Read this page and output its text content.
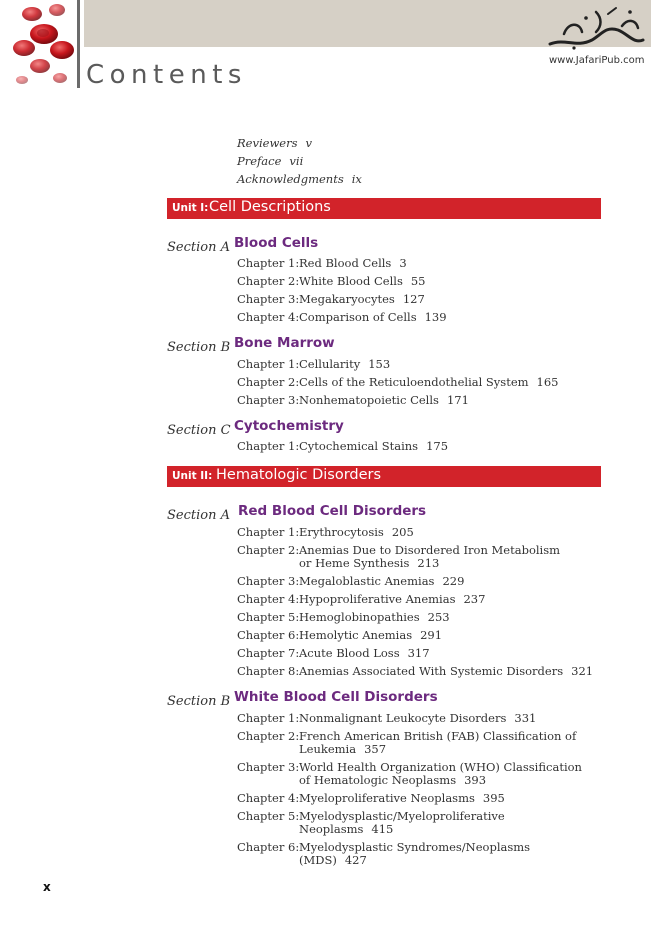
Contents	www.JafariPub.com
Reviewers v
Preface vii
Acknowledgments ix
Unit I: Cell Descriptions
Section A Blood Cells
Chapter 1: Red Blood Cells 3
Chapter 2: White Blood Cells 55
Chapter 3: Megakaryocytes 127
Chapter 4: Comparison of Cells 139
Section B Bone Marrow
Chapter 1: Cellularity 153
Chapter 2: Cells of the Reticuloendothelial System 165
Chapter 3: Nonhematopoietic Cells 171
Section C Cytochemistry
Chapter 1: Cytochemical Stains 175
Unit II: Hematologic Disorders
Section A Red Blood Cell Disorders
Chapter 1: Erythrocytosis 205
Chapter 2: Anemias Due to Disordered Iron Metabolism
or Heme Synthesis 213
Chapter 3: Megaloblastic Anemias 229
Chapter 4: Hypoproliferative Anemias 237
Chapter 5: Hemoglobinopathies 253
Chapter 6: Hemolytic Anemias 291
Chapter 7: Acute Blood Loss 317
Chapter 8: Anemias Associated With Systemic Disorders 321
Section B White Blood Cell Disorders
Chapter 1: Nonmalignant Leukocyte Disorders 331
Chapter 2: French American British (FAB) Classification of
Leukemia 357
Chapter 3: World Health Organization (WHO) Classification
of Hematologic Neoplasms 393
Chapter 4: Myeloproliferative Neoplasms 395
Chapter 5: Myelodysplastic/Myeloproliferative
Neoplasms 415
Chapter 6: Myelodysplastic Syndromes/Neoplasms
(MDS) 427
x
